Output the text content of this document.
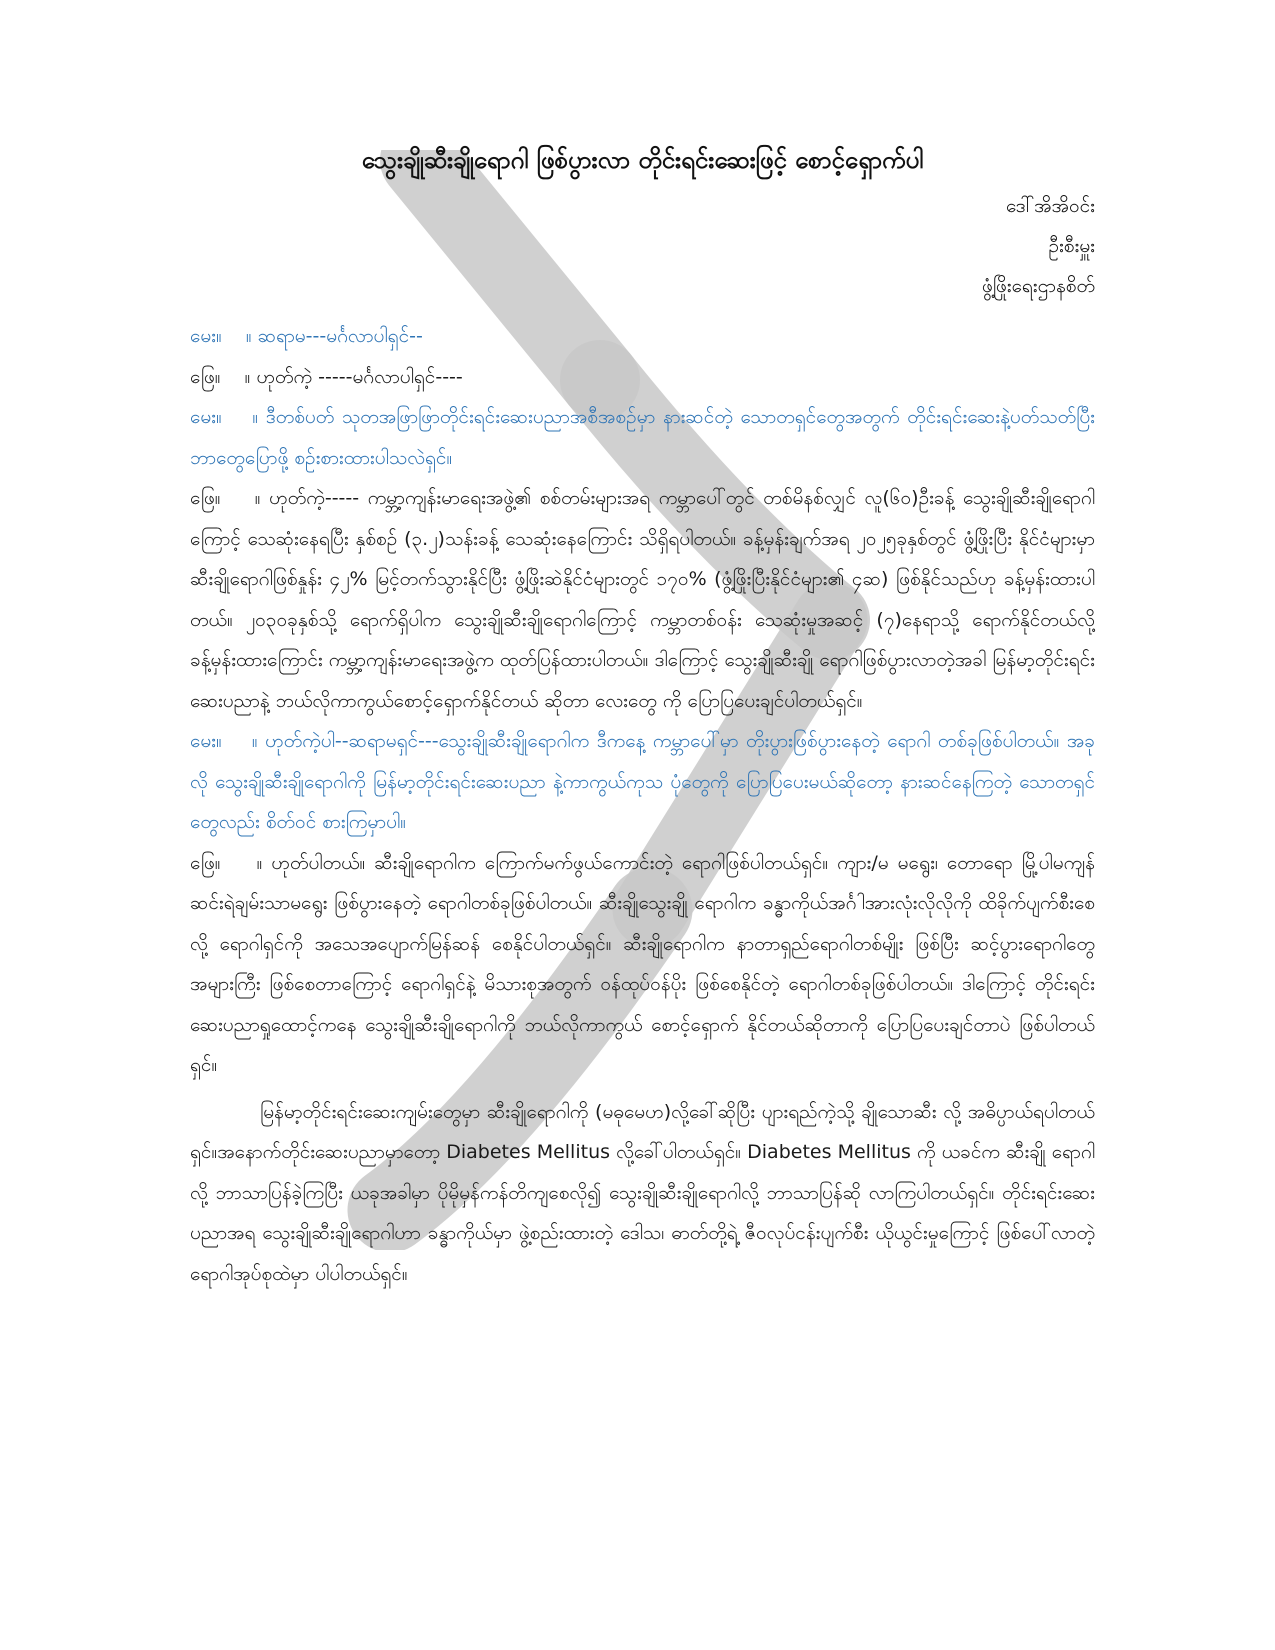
သွေးချိုဆီးချိုရောဂါ ဖြစ်ပွားလာ တိုင်းရင်းဆေးဖြင့် စောင့်ရှောက်ပါ
ဒေါ်အိအိဝင်း
ဦးစီးမှူး
ဖွံ့ဖြိုးရေးဌာနစိတ်

မေး။    ။ ဆရာမ---မင်္ဂလာပါရှင်--

ဖြေ။    ။ ဟုတ်ကဲ့ -----မင်္ဂလာပါရှင်----

မေး။    ။ ဒီတစ်ပတ် သုတအဖြာဖြာတိုင်းရင်းဆေးပညာအစီအစဉ်မှာ နားဆင်တဲ့ သောတရှင်တွေအတွက် တိုင်းရင်းဆေးနဲ့ပတ်သတ်ပြီး ဘာတွေပြောဖို့ စဉ်းစားထားပါသလဲရှင်။

ဖြေ။    ။ ဟုတ်ကဲ့----- ကမ္ဘာ့ကျန်းမာရေးအဖွဲ့၏ စစ်တမ်းများအရ ကမ္ဘာပေါ်တွင် တစ်မိနစ်လျှင် လူ(၆၀)ဦးခန့် သွေးချိုဆီးချိုရောဂါကြောင့် သေဆုံးနေရပြီး နှစ်စဉ် (၃.၂)သန်းခန့် သေဆုံးနေကြောင်း သိရှိရပါတယ်။ ခန့်မှန်းချက်အရ ၂၀၂၅ခုနှစ်တွင် ဖွံ့ဖြိုးပြီး နိုင်ငံများမှာ ဆီးချိုရောဂါဖြစ်နှုန်း ၄၂% မြင့်တက်သွားနိုင်ပြီး ဖွံ့ဖြိုးဆဲနိုင်ငံများတွင် ၁၇၀% (ဖွံ့ဖြိုးပြီးနိုင်ငံများ၏ ၄ဆ) ဖြစ်နိုင်သည်ဟု ခန့်မှန်းထားပါတယ်။ ၂၀၃၀ခုနှစ်သို့ ရောက်ရှိပါက သွေးချိုဆီးချိုရောဂါကြောင့် ကမ္ဘာတစ်ဝန်း သေဆုံးမှုအဆင့် (၇)နေရာသို့ ရောက်နိုင်တယ်လို့ ခန့်မှန်းထားကြောင်း ကမ္ဘာ့ကျန်းမာရေးအဖွဲ့က ထုတ်ပြန်ထားပါတယ်။ ဒါကြောင့် သွေးချိုဆီးချို ရောဂါဖြစ်ပွားလာတဲ့အခါ မြန်မာ့တိုင်းရင်းဆေးပညာနဲ့ ဘယ်လိုကာကွယ်စောင့်ရှောက်နိုင်တယ် ဆိုတာ လေးတွေ ကို ပြောပြပေးချင်ပါတယ်ရှင်။

မေး။    ။ ဟုတ်ကဲ့ပါ--ဆရာမရှင်---သွေးချိုဆီးချိုရောဂါက ဒီကနေ့ ကမ္ဘာပေါ်မှာ တိုးပွားဖြစ်ပွားနေတဲ့ ရောဂါ တစ်ခုဖြစ်ပါတယ်။ အခုလို သွေးချိုဆီးချိုရောဂါကို မြန်မာ့တိုင်းရင်းဆေးပညာ နဲ့ကာကွယ်ကုသ ပုံတွေကို ပြောပြပေးမယ်ဆိုတော့ နားဆင်နေကြတဲ့ သောတရှင်တွေလည်း စိတ်ဝင် စားကြမှာပါ။

ဖြေ။    ။ ဟုတ်ပါတယ်။ ဆီးချိုရောဂါက ကြောက်မက်ဖွယ်ကောင်းတဲ့ ရောဂါဖြစ်ပါတယ်ရှင်။ ကျား/မ မရွေး၊ တောရော မြို့ပါမကျန် ဆင်းရဲချမ်းသာမရွေး ဖြစ်ပွားနေတဲ့ ရောဂါတစ်ခုဖြစ်ပါတယ်။ ဆီးချိုသွေးချို ရောဂါက ခန္ဓာကိုယ်အင်္ဂါအားလုံးလိုလိုကို ထိခိုက်ပျက်စီးစေလို့ ရောဂါရှင်ကို အသေအပျောက်မြန်ဆန် စေနိုင်ပါတယ်ရှင်။ ဆီးချိုရောဂါက နာတာရှည်ရောဂါတစ်မျိုး ဖြစ်ပြီး ဆင့်ပွားရောဂါတွေအများကြီး ဖြစ်စေတာကြောင့် ရောဂါရှင်နဲ့ မိသားစုအတွက် ဝန်ထုပ်ဝန်ပိုး ဖြစ်စေနိုင်တဲ့ ရောဂါတစ်ခုဖြစ်ပါတယ်။ ဒါကြောင့် တိုင်းရင်းဆေးပညာရှုထောင့်ကနေ သွေးချိုဆီးချိုရောဂါကို ဘယ်လိုကာကွယ် စောင့်ရှောက် နိုင်တယ်ဆိုတာကို ပြောပြပေးချင်တာပဲ ဖြစ်ပါတယ်ရှင်။

မြန်မာ့တိုင်းရင်းဆေးကျမ်းတွေမှာ ဆီးချိုရောဂါကို (မဓုမေဟ)လို့ခေါ်ဆိုပြီး ပျားရည်ကဲ့သို့ ချိုသောဆီး လို့ အဓိပ္ပာယ်ရပါတယ်ရှင်။အနောက်တိုင်းဆေးပညာမှာတော့ Diabetes Mellitus လို့ခေါ်ပါတယ်ရှင်။ Diabetes Mellitus ကို ယခင်က ဆီးချို ရောဂါလို့ ဘာသာပြန်ခဲ့ကြပြီး ယခုအခါမှာ ပိုမိုမှန်ကန်တိကျစေလို၍ သွေးချိုဆီးချိုရောဂါလို့ ဘာသာပြန်ဆို လာကြပါတယ်ရှင်။ တိုင်းရင်းဆေး ပညာအရ သွေးချိုဆီးချိုရောဂါဟာ ခန္ဓာကိုယ်မှာ ဖွဲ့စည်းထားတဲ့ ဒေါသ၊ ဓာတ်တို့ရဲ့ ဇီဝလုပ်ငန်းပျက်စီး ယိုယွင်းမှုကြောင့် ဖြစ်ပေါ်လာတဲ့ ရောဂါအုပ်စုထဲမှာ ပါပါတယ်ရှင်။
